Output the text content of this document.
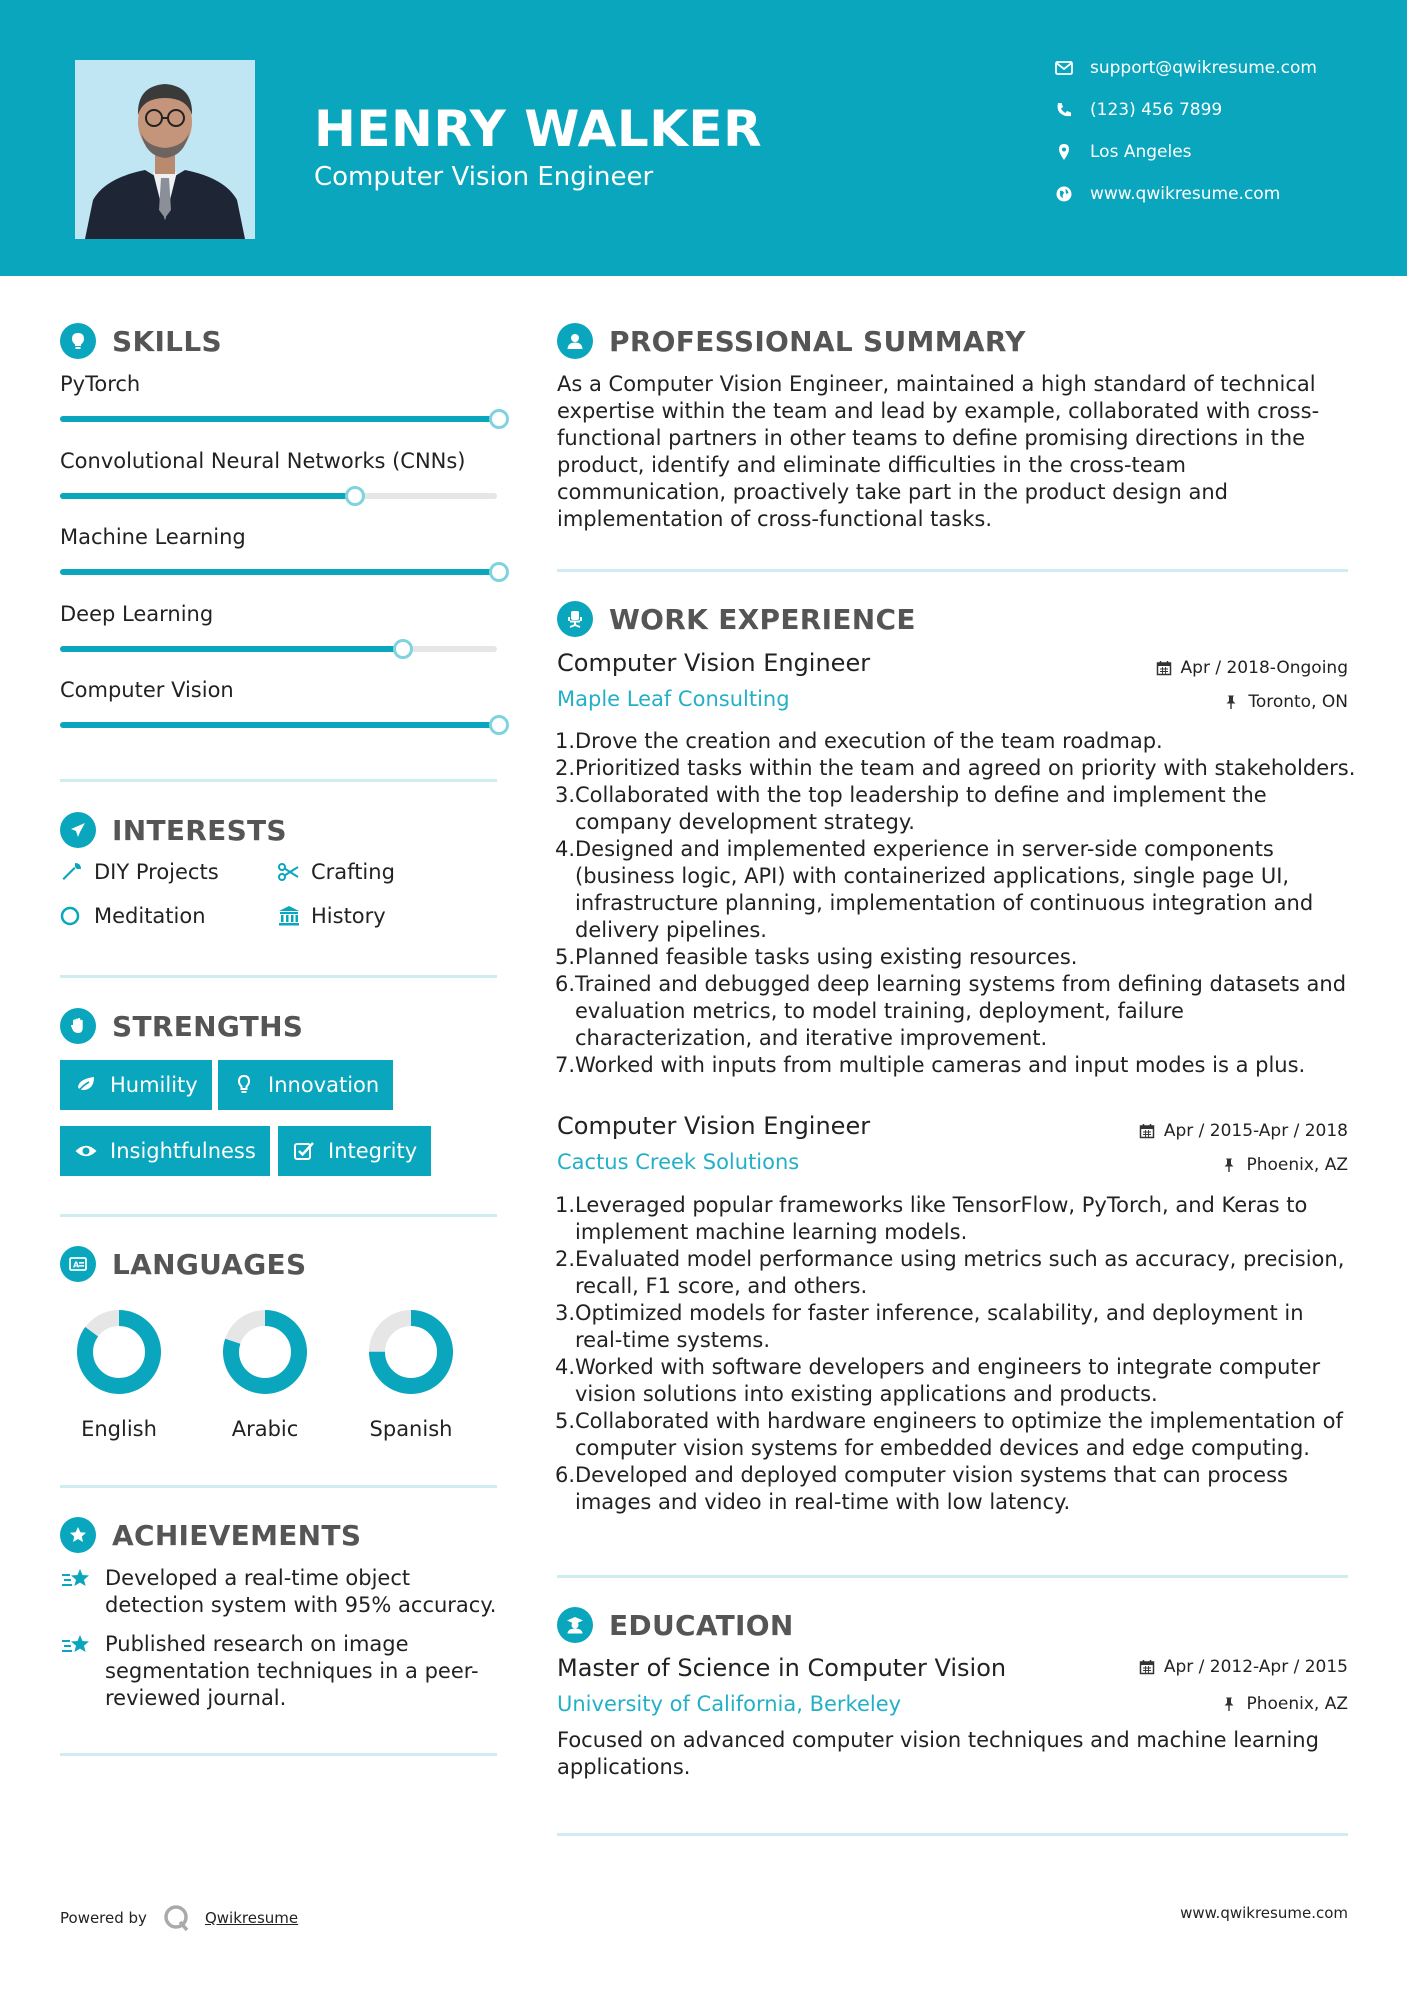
HENRY WALKER
Computer Vision Engineer
support@qwikresume.com
(123) 456 7899
Los Angeles
www.qwikresume.com
SKILLS
PyTorch
Convolutional Neural Networks (CNNs)
Machine Learning
Deep Learning
Computer Vision
INTERESTS
DIY Projects	Crafting
Meditation	History
STRENGTHS
Humility	Innovation
Insightfulness	Integrity
A LANGUAGES
English	Arabic	Spanish
ACHIEVEMENTS
Developed a real-time object detection system with 95% accuracy.
Published research on image segmentation techniques in a peer-reviewed journal.
PROFESSIONAL SUMMARY
As a Computer Vision Engineer, maintained a high standard of technical expertise within the team and lead by example, collaborated with cross-functional partners in other teams to define promising directions in the product, identify and eliminate difficulties in the cross-team communication, proactively take part in the product design and implementation of cross-functional tasks.
WORK EXPERIENCE
Computer Vision Engineer	Apr / 2018-Ongoing
Maple Leaf Consulting	Toronto, ON
Drove the creation and execution of the team roadmap.
Prioritized tasks within the team and agreed on priority with stakeholders.
Collaborated with the top leadership to define and implement the company development strategy.
Designed and implemented experience in server-side components (business logic, API) with containerized applications, single page UI, infrastructure planning, implementation of continuous integration and delivery pipelines.
Planned feasible tasks using existing resources.
Trained and debugged deep learning systems from defining datasets and evaluation metrics, to model training, deployment, failure characterization, and iterative improvement.
Worked with inputs from multiple cameras and input modes is a plus.
Computer Vision Engineer	Apr / 2015-Apr / 2018
Cactus Creek Solutions	Phoenix, AZ
Leveraged popular frameworks like TensorFlow, PyTorch, and Keras to implement machine learning models.
Evaluated model performance using metrics such as accuracy, precision, recall, F1 score, and others.
Optimized models for faster inference, scalability, and deployment in real-time systems.
Worked with software developers and engineers to integrate computer vision solutions into existing applications and products.
Collaborated with hardware engineers to optimize the implementation of computer vision systems for embedded devices and edge computing.
Developed and deployed computer vision systems that can process images and video in real-time with low latency.
EDUCATION
Master of Science in Computer Vision	Apr / 2012-Apr / 2015
University of California, Berkeley	Phoenix, AZ
Focused on advanced computer vision techniques and machine learning applications.
Powered by	Qwikresume	www.qwikresume.com
